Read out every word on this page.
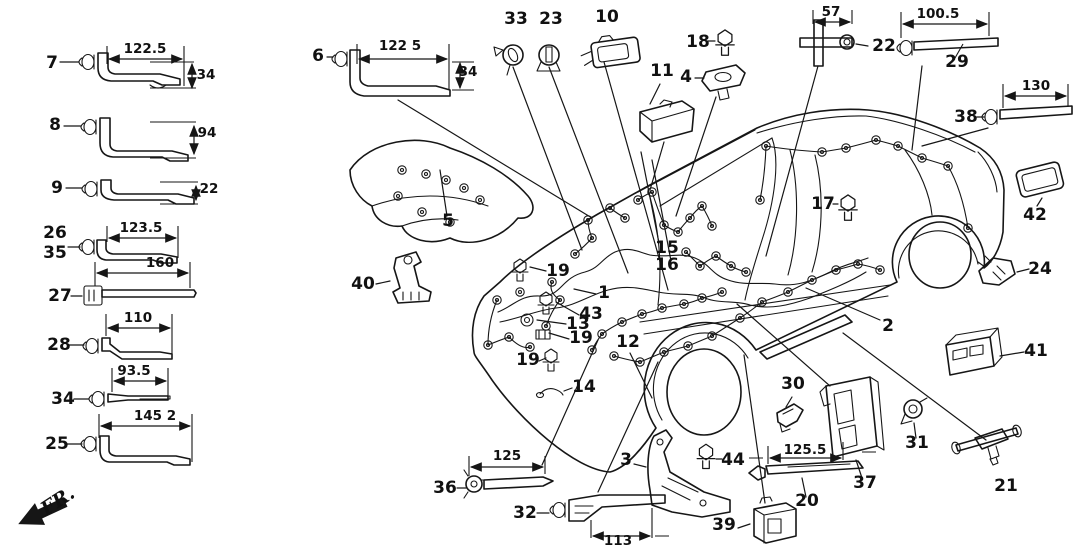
FR.
7
8
9
26
35
27
28
34
25
6
33 23 10
18
4
11
22
29
38
42
24
17
2
41
30
31
37	21
20
39
44
3
32
36
5
40
15
16
12
14
1
43
13
19
19
19
122.5
34
94
22
123.5
160
110
93.5
145 2
122 5
34
57	100.5
130
125
113
125.5
